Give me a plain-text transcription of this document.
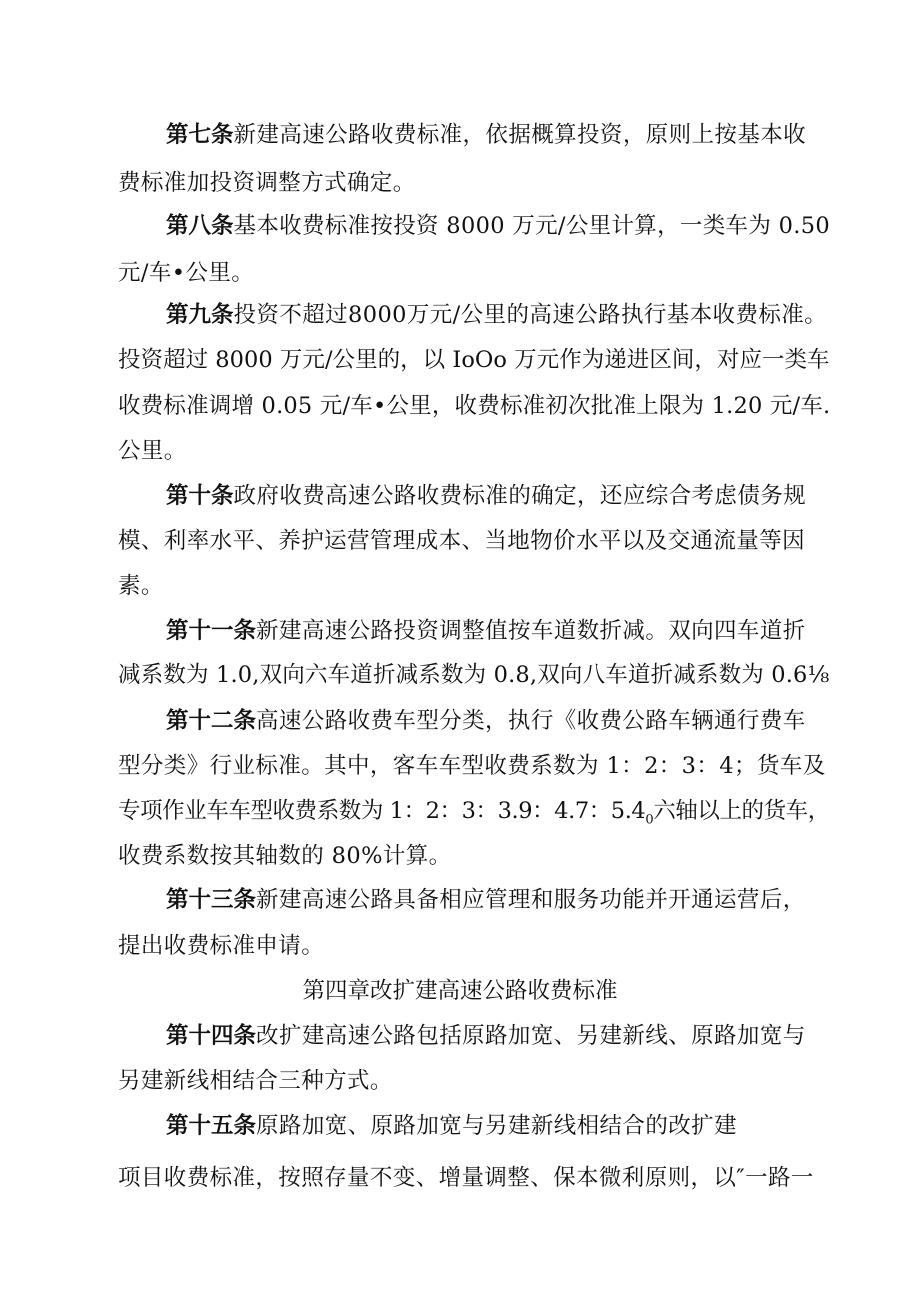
第七条新建高速公路收费标准，依据概算投资，原则上按基本收
费标准加投资调整方式确定。
第八条基本收费标准按投资 8000 万元/公里计算，一类车为 0.50
元/车•公里。
第九条投资不超过8000万元/公里的高速公路执行基本收费标准。
投资超过 8000 万元/公里的，以 IoOo 万元作为递进区间，对应一类车
收费标准调增 0.05 元/车•公里，收费标准初次批准上限为 1.20 元/车.
公里。
第十条政府收费高速公路收费标准的确定，还应综合考虑债务规
模、利率水平、养护运营管理成本、当地物价水平以及交通流量等因
素。
第十一条新建高速公路投资调整值按车道数折减。双向四车道折
减系数为 1.0,双向六车道折减系数为 0.8,双向八车道折减系数为 0.6⅛
第十二条高速公路收费车型分类，执行《收费公路车辆通行费车
型分类》行业标准。其中，客车车型收费系数为 1：2：3：4；货车及
专项作业车车型收费系数为 1：2：3：3.9：4.7：$5.4_0$六轴以上的货车，
收费系数按其轴数的 80%计算。
第十三条新建高速公路具备相应管理和服务功能并开通运营后，
提出收费标准申请。
第四章改扩建高速公路收费标准
第十四条改扩建高速公路包括原路加宽、另建新线、原路加宽与
另建新线相结合三种方式。
第十五条原路加宽、原路加宽与另建新线相结合的改扩建
项目收费标准，按照存量不变、增量调整、保本微利原则，以″一路一
